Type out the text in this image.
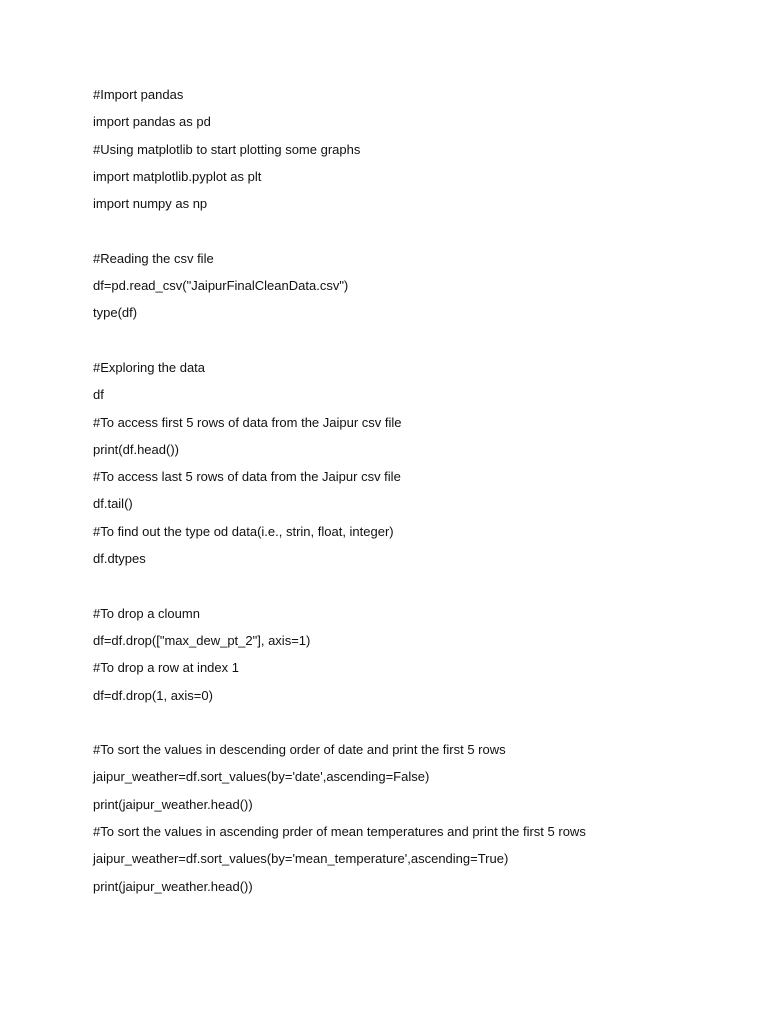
#Import pandas
import pandas as pd
#Using matplotlib to start plotting some graphs
import matplotlib.pyplot as plt
import numpy as np
#Reading the csv file
df=pd.read_csv("JaipurFinalCleanData.csv")
type(df)
#Exploring the data
df
#To access first 5 rows of data from the Jaipur csv file
print(df.head())
#To access last 5 rows of data from the Jaipur csv file
df.tail()
#To find out the type od data(i.e., strin, float, integer)
df.dtypes
#To drop a cloumn
df=df.drop(["max_dew_pt_2"], axis=1)
#To drop a row at index 1
df=df.drop(1, axis=0)
#To sort the values in descending order of date and print the first 5 rows
jaipur_weather=df.sort_values(by='date',ascending=False)
print(jaipur_weather.head())
#To sort the values in ascending prder of mean temperatures and print the first 5 rows
jaipur_weather=df.sort_values(by='mean_temperature',ascending=True)
print(jaipur_weather.head())
